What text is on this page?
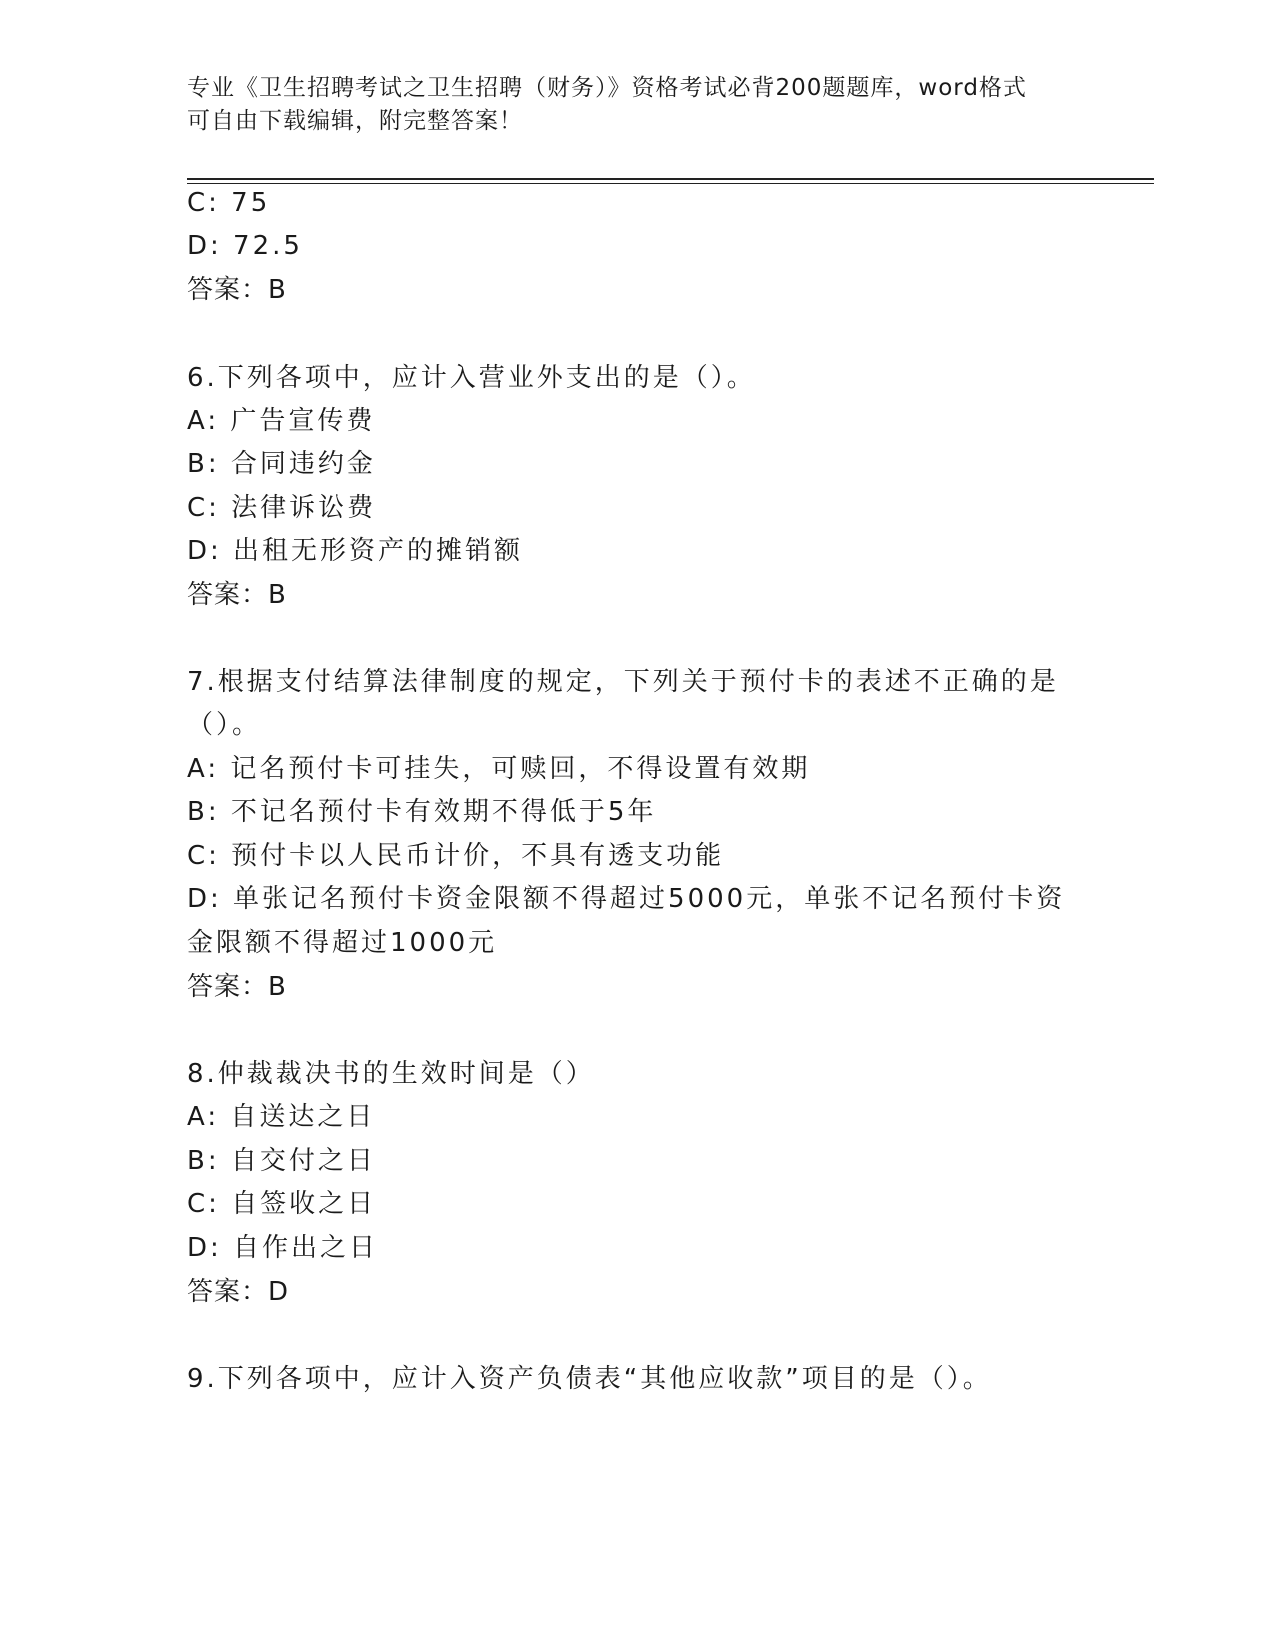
专业《卫生招聘考试之卫生招聘（财务）》资格考试必背200题题库，word格式
可自由下载编辑，附完整答案！
C: 75
D: 72.5
答案：B
6.下列各项中，应计入营业外支出的是（）。
A: 广告宣传费
B: 合同违约金
C: 法律诉讼费
D: 出租无形资产的摊销额
答案：B
7.根据支付结算法律制度的规定，下列关于预付卡的表述不正确的是
（）。
A: 记名预付卡可挂失，可赎回，不得设置有效期
B: 不记名预付卡有效期不得低于5年
C: 预付卡以人民币计价，不具有透支功能
D: 单张记名预付卡资金限额不得超过5000元，单张不记名预付卡资
金限额不得超过1000元
答案：B
8.仲裁裁决书的生效时间是（）
A: 自送达之日
B: 自交付之日
C: 自签收之日
D: 自作出之日
答案：D
9.下列各项中，应计入资产负债表“其他应收款”项目的是（）。
